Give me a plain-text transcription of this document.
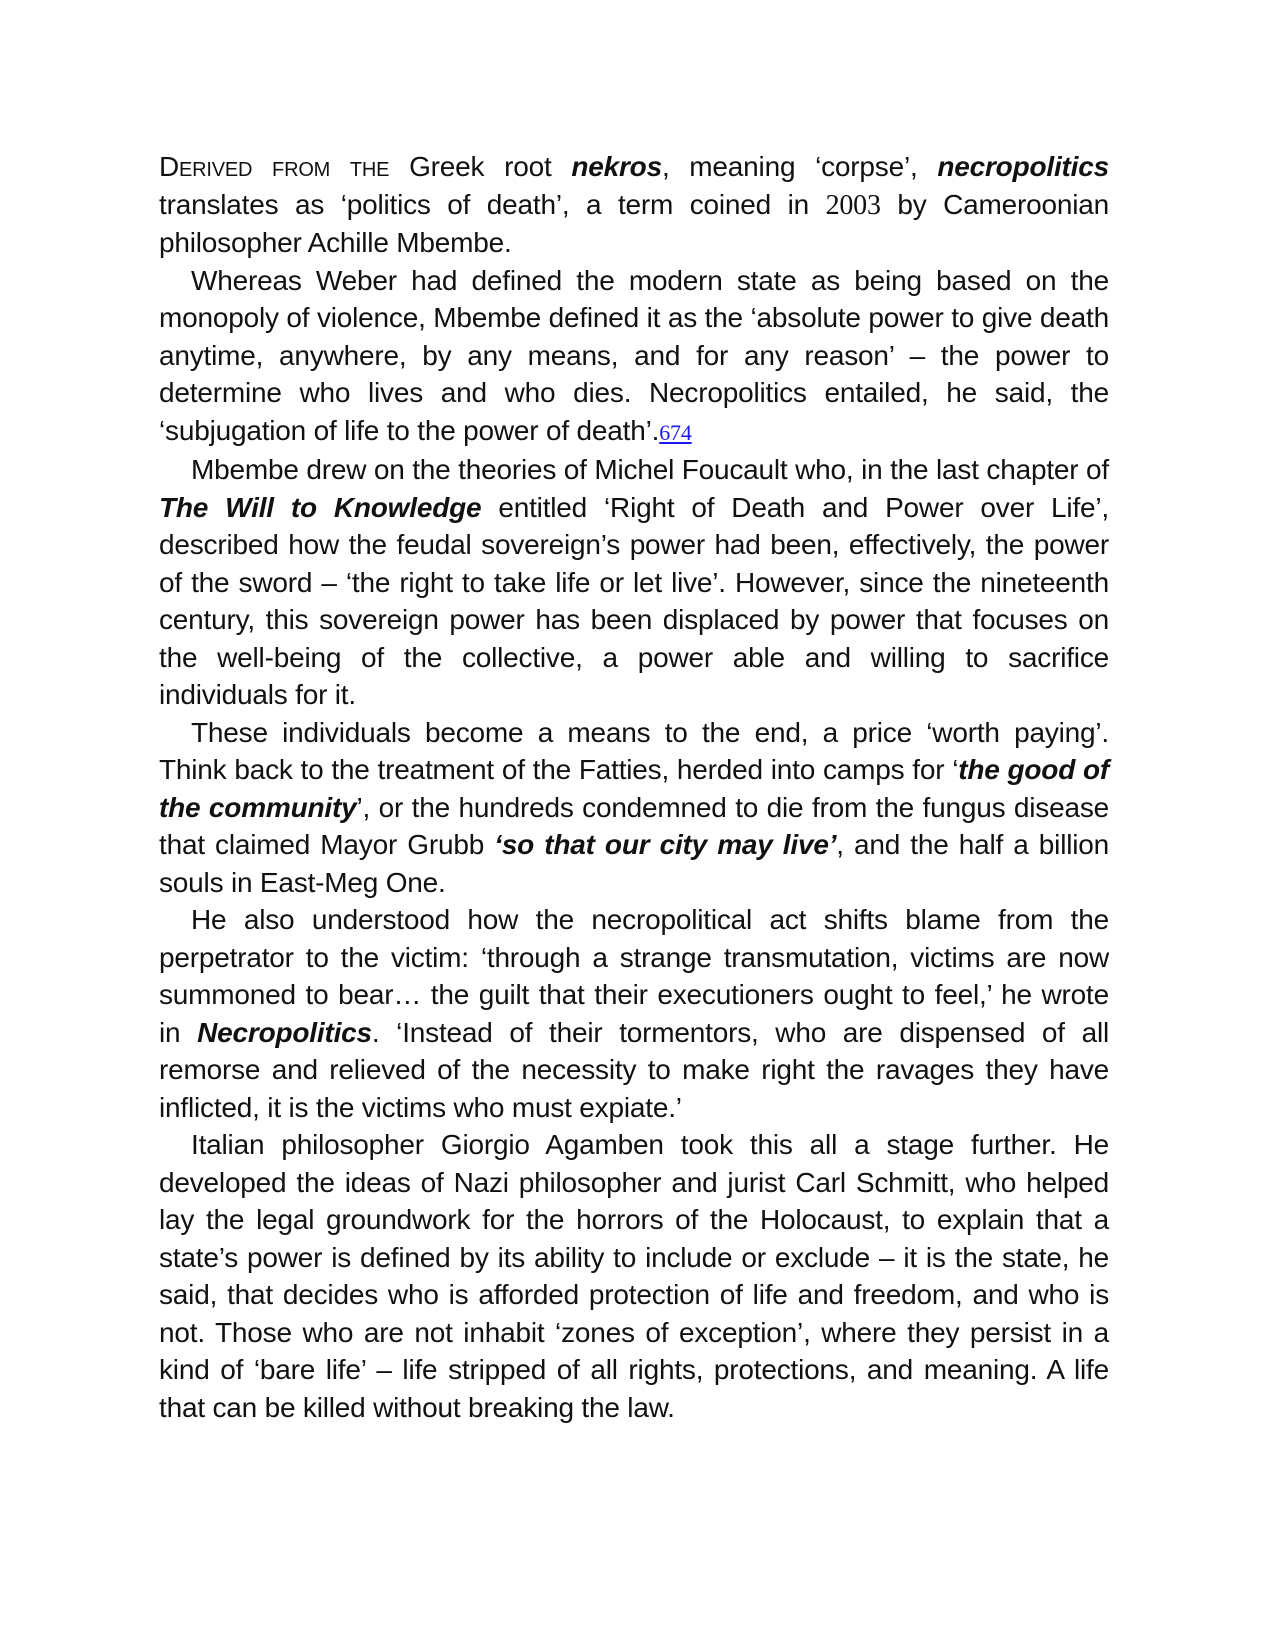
Derived from the Greek root nekros, meaning ‘corpse’, necropolitics translates as ‘politics of death’, a term coined in 2003 by Cameroonian philosopher Achille Mbembe.

Whereas Weber had defined the modern state as being based on the monopoly of violence, Mbembe defined it as the ‘absolute power to give death anytime, anywhere, by any means, and for any reason’ – the power to determine who lives and who dies. Necropolitics entailed, he said, the ‘subjugation of life to the power of death’.674

Mbembe drew on the theories of Michel Foucault who, in the last chapter of The Will to Knowledge entitled ‘Right of Death and Power over Life’, described how the feudal sovereign’s power had been, effectively, the power of the sword – ‘the right to take life or let live’. However, since the nineteenth century, this sovereign power has been displaced by power that focuses on the well-being of the collective, a power able and willing to sacrifice individuals for it.

These individuals become a means to the end, a price ‘worth paying’. Think back to the treatment of the Fatties, herded into camps for ‘the good of the community’, or the hundreds condemned to die from the fungus disease that claimed Mayor Grubb ‘so that our city may live’, and the half a billion souls in East-Meg One.

He also understood how the necropolitical act shifts blame from the perpetrator to the victim: ‘through a strange transmutation, victims are now summoned to bear… the guilt that their executioners ought to feel,’ he wrote in Necropolitics. ‘Instead of their tormentors, who are dispensed of all remorse and relieved of the necessity to make right the ravages they have inflicted, it is the victims who must expiate.’

Italian philosopher Giorgio Agamben took this all a stage further. He developed the ideas of Nazi philosopher and jurist Carl Schmitt, who helped lay the legal groundwork for the horrors of the Holocaust, to explain that a state’s power is defined by its ability to include or exclude – it is the state, he said, that decides who is afforded protection of life and freedom, and who is not. Those who are not inhabit ‘zones of exception’, where they persist in a kind of ‘bare life’ – life stripped of all rights, protections, and meaning. A life that can be killed without breaking the law.
